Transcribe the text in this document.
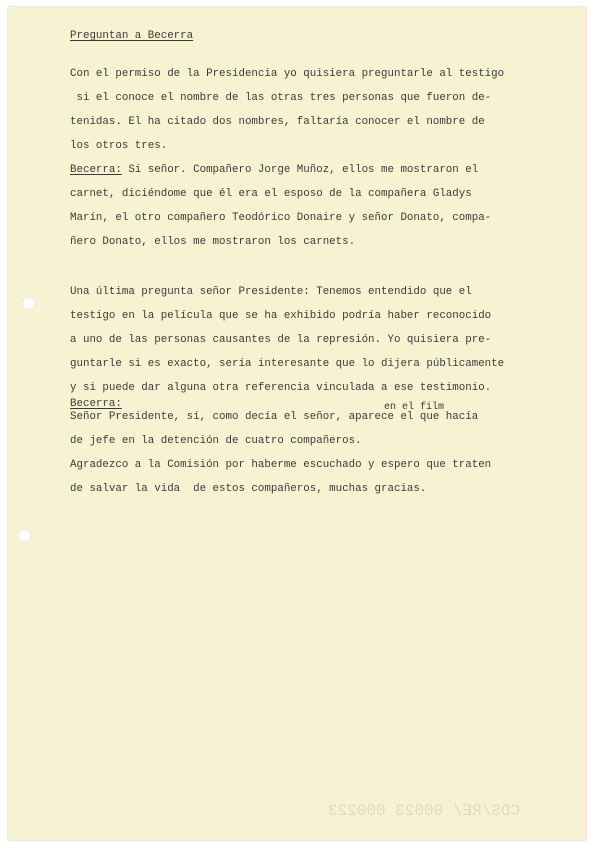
Preguntan a Becerra

Con el permiso de la Presidencia yo quisiera preguntarle al testigo

si el conoce el nombre de las otras tres personas que fueron de-

tenidas. El ha citado dos nombres, faltaría conocer el nombre de

los otros tres.

Becerra: Si señor. Compañero Jorge Muñoz, ellos me mostraron el

carnet, diciéndome que él era el esposo de la compañera Gladys

Marín, el otro compañero Teodórico Donaire y señor Donato, compa-

ñero Donato, ellos me mostraron los carnets.

Una última pregunta señor Presidente: Tenemos entendido que el

testigo en la película que se ha exhibido podría haber reconocido

a uno de las personas causantes de la represión. Yo quisiera pre-

guntarle si es exacto, sería interesante que lo dijera públicamente

y si puede dar alguna otra referencia vinculada a ese testimonio.

Becerra:	en el film

Señor Presidente, sí, como decía el señor, aparece el que hacía

de jefe en la detención de cuatro compañeros.

Agradezco a la Comisión por haberme escuchado y espero que traten

de salvar la vida  de estos compañeros, muchas gracias.

CDS/RE/ 00023 000223
